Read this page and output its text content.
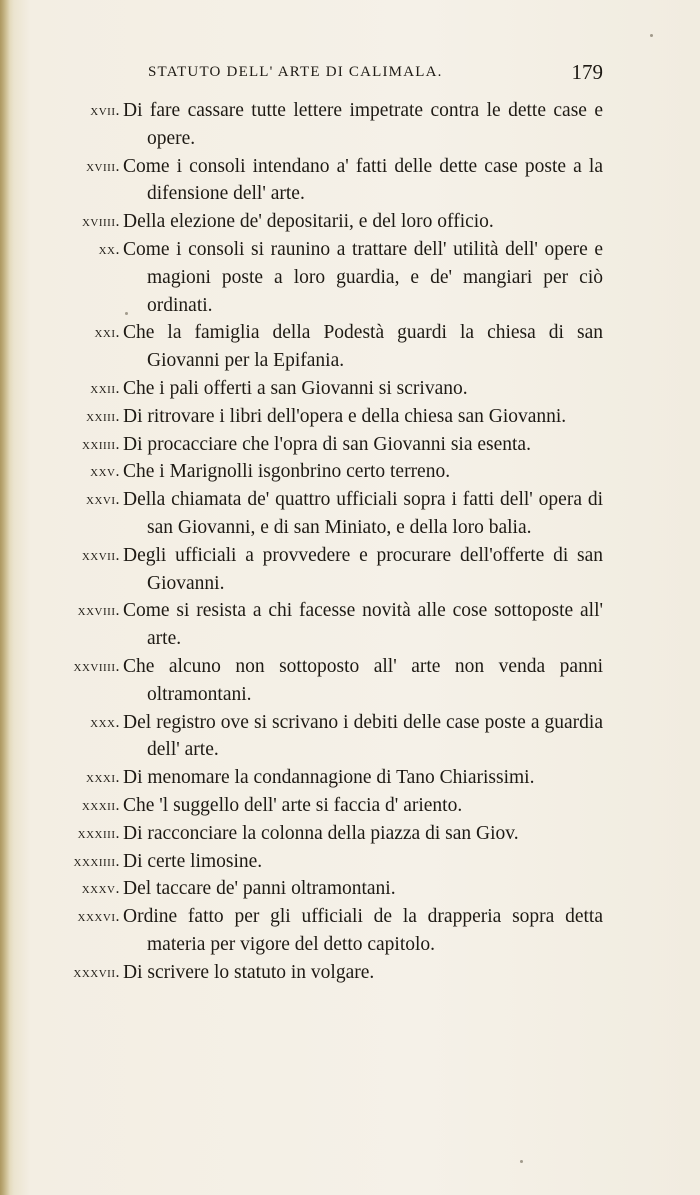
STATUTO DELL' ARTE DI CALIMALA.	179
xvii. Di fare cassare tutte lettere impetrate contra le dette case e opere.
xviii. Come i consoli intendano a' fatti delle dette case poste a la difensione dell' arte.
xviiii. Della elezione de' depositarii, e del loro officio.
xx. Come i consoli si raunino a trattare dell' utilità dell' opere e magioni poste a loro guardia, e de' mangiari per ciò ordinati.
xxi. Che la famiglia della Podestà guardi la chiesa di san Giovanni per la Epifania.
xxii. Che i pali offerti a san Giovanni si scrivano.
xxiii. Di ritrovare i libri dell'opera e della chiesa san Giovanni.
xxiiii. Di procacciare che l'opra di san Giovanni sia esenta.
xxv. Che i Marignolli isgonbrino certo terreno.
xxvi. Della chiamata de' quattro ufficiali sopra i fatti dell' opera di san Giovanni, e di san Miniato, e della loro balia.
xxvii. Degli ufficiali a provvedere e procurare dell'offerte di san Giovanni.
xxviii. Come si resista a chi facesse novità alle cose sottoposte all' arte.
xxviiii. Che alcuno non sottoposto all' arte non venda panni oltramontani.
xxx. Del registro ove si scrivano i debiti delle case poste a guardia dell' arte.
xxxi. Di menomare la condannagione di Tano Chiarissimi.
xxxii. Che 'l suggello dell' arte si faccia d' ariento.
xxxiii. Di racconciare la colonna della piazza di san Giov.
xxxiiii. Di certe limosine.
xxxv. Del taccare de' panni oltramontani.
xxxvi. Ordine fatto per gli ufficiali de la drapperia sopra detta materia per vigore del detto capitolo.
xxxvii. Di scrivere lo statuto in volgare.
